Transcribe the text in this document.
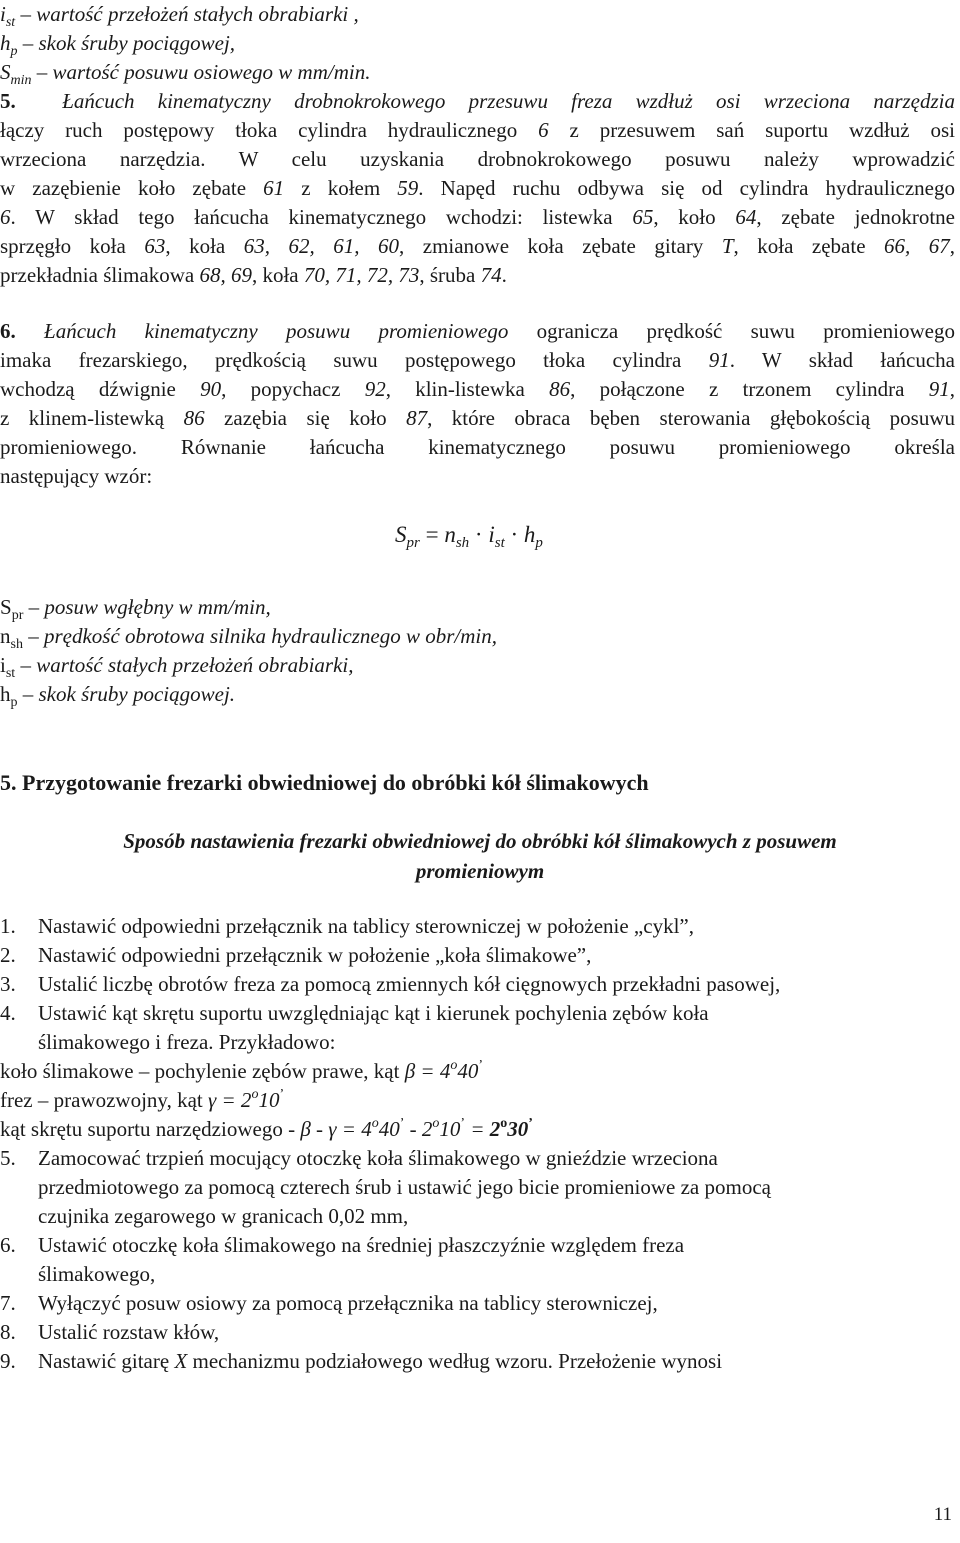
$i_{st}$ – wartość przełożeń stałych obrabiarki ,
$h_p$ – skok śruby pociągowej,
$S_{min}$ – wartość posuwu osiowego w mm/min.
5. Łańcuch kinematyczny drobnokrokowego przesuwu freza wzdłuż osi wrzeciona narzędzia
łączy ruch postępowy tłoka cylindra hydraulicznego 6 z przesuwem sań suportu wzdłuż osi
wrzeciona narzędzia. W celu uzyskania drobnokrokowego posuwu należy wprowadzić
w zazębienie koło zębate 61 z kołem 59. Napęd ruchu odbywa się od cylindra hydraulicznego
6. W skład tego łańcucha kinematycznego wchodzi: listewka 65, koło 64, zębate jednokrotne
sprzęgło koła 63, koła 63, 62, 61, 60, zmianowe koła zębate gitary T, koła zębate 66, 67,
przekładnia ślimakowa 68, 69, koła 70, 71, 72, 73, śruba 74.
6. Łańcuch kinematyczny posuwu promieniowego ogranicza prędkość suwu promieniowego
imaka frezarskiego, prędkością suwu postępowego tłoka cylindra 91. W skład łańcucha
wchodzą dźwignie 90, popychacz 92, klin-listewka 86, połączone z trzonem cylindra 91,
z klinem-listewką 86 zazębia się koło 87, które obraca bęben sterowania głębokością posuwu
promieniowego. Równanie łańcucha kinematycznego posuwu promieniowego określa
następujący wzór:
$S_{pr} = n_{sh} \cdot i_{st} \cdot h_p$
$S_{pr}$ – posuw wgłębny w mm/min,
$n_{sh}$ – prędkość obrotowa silnika hydraulicznego w obr/min,
$i_{st}$ – wartość stałych przełożeń obrabiarki,
$h_p$ – skok śruby pociągowej.
5. Przygotowanie frezarki obwiedniowej do obróbki kół ślimakowych
Sposób nastawienia frezarki obwiedniowej do obróbki kół ślimakowych z posuwem
promieniowym
1. Nastawić odpowiedni przełącznik na tablicy sterowniczej w położenie „cykl”,
2. Nastawić odpowiedni przełącznik w położenie „koła ślimakowe”,
3. Ustalić liczbę obrotów freza za pomocą zmiennych kół cięgnowych przekładni pasowej,
4. Ustawić kąt skrętu suportu uwzględniając kąt i kierunek pochylenia zębów koła
ślimakowego i freza. Przykładowo:
koło ślimakowe – pochylenie zębów prawe, kąt $\beta = 4^o40^’$
frez – prawozwojny, kąt $\gamma = 2^o10^’$
kąt skrętu suportu narzędziowego - $\beta - \gamma = 4^o40^’ - 2^o10^’ = 2^o30^’$
5. Zamocować trzpień mocujący otoczkę koła ślimakowego w gnieździe wrzeciona
przedmiotowego za pomocą czterech śrub i ustawić jego bicie promieniowe za pomocą
czujnika zegarowego w granicach 0,02 mm,
6. Ustawić otoczkę koła ślimakowego na średniej płaszczyźnie względem freza
ślimakowego,
7. Wyłączyć posuw osiowy za pomocą przełącznika na tablicy sterowniczej,
8. Ustalić rozstaw kłów,
9. Nastawić gitarę X mechanizmu podziałowego według wzoru. Przełożenie wynosi
11
